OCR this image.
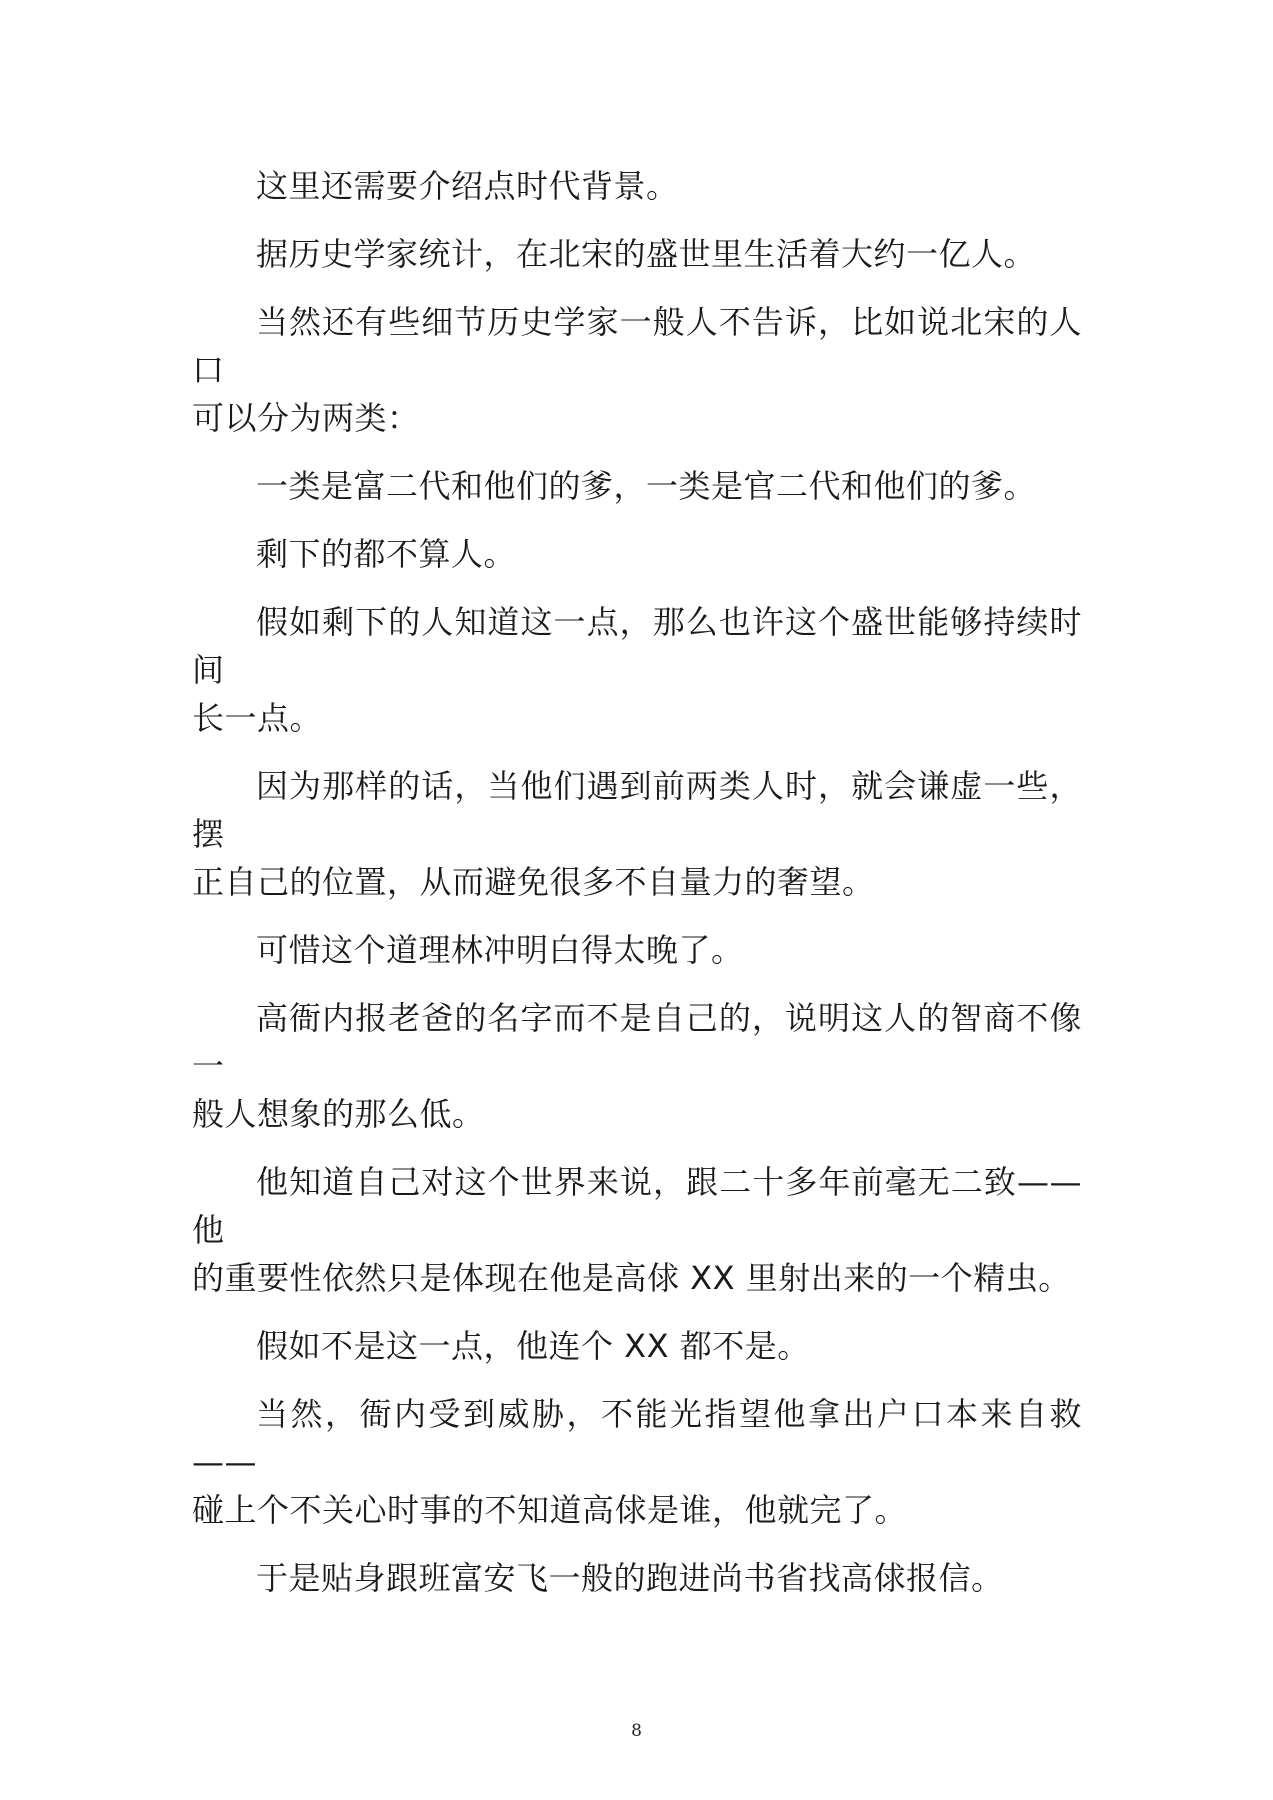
这里还需要介绍点时代背景。

据历史学家统计，在北宋的盛世里生活着大约一亿人。

当然还有些细节历史学家一般人不告诉，比如说北宋的人口
可以分为两类：

一类是富二代和他们的爹，一类是官二代和他们的爹。

剩下的都不算人。

假如剩下的人知道这一点，那么也许这个盛世能够持续时间
长一点。

因为那样的话，当他们遇到前两类人时，就会谦虚一些，摆
正自己的位置，从而避免很多不自量力的奢望。

可惜这个道理林冲明白得太晚了。

高衙内报老爸的名字而不是自己的，说明这人的智商不像一
般人想象的那么低。

他知道自己对这个世界来说，跟二十多年前毫无二致——他
的重要性依然只是体现在他是高俅 XX 里射出来的一个精虫。

假如不是这一点，他连个 XX 都不是。

当然，衙内受到威胁，不能光指望他拿出户口本来自救——
碰上个不关心时事的不知道高俅是谁，他就完了。

于是贴身跟班富安飞一般的跑进尚书省找高俅报信。

8
